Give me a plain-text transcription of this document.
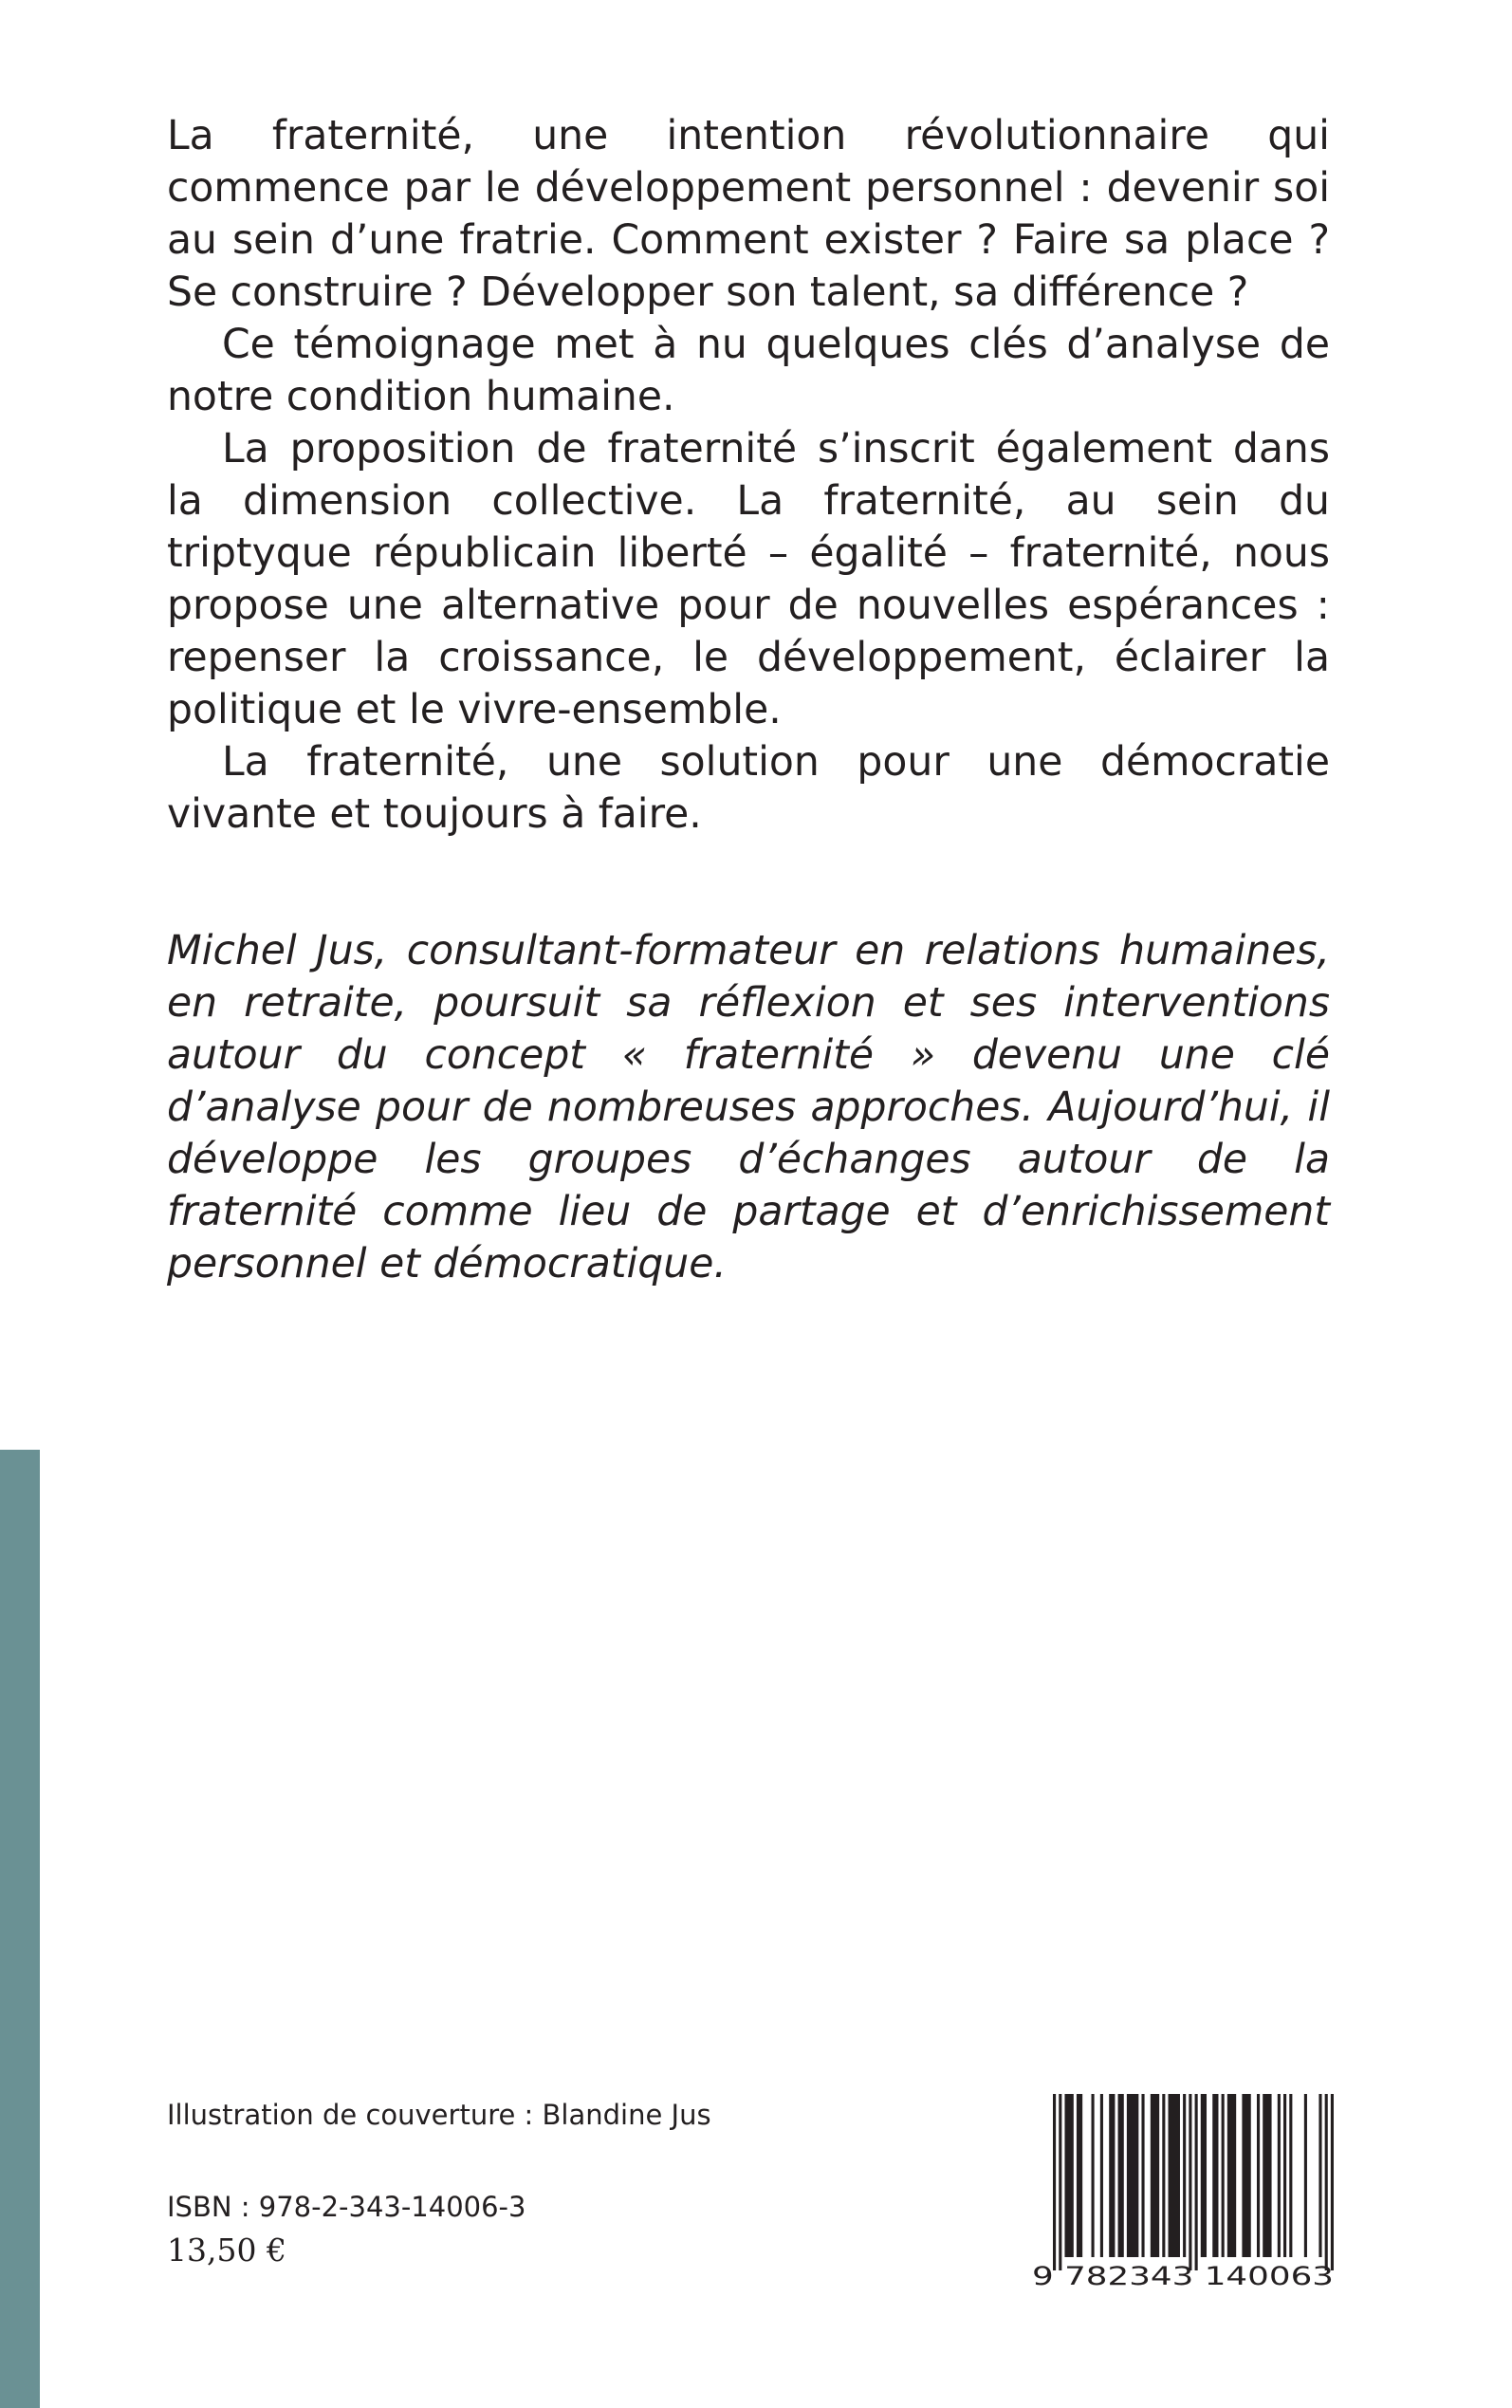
La fraternité, une intention révolutionnaire qui commence par le développement personnel : devenir soi au sein d’une fratrie. Comment exister ? Faire sa place ? Se construire ? Développer son talent, sa différence ?

Ce témoignage met à nu quelques clés d’analyse de notre condition humaine.

La proposition de fraternité s’inscrit également dans la dimension collective. La fraternité, au sein du triptyque républicain liberté – égalité – fraternité, nous propose une alternative pour de nouvelles espérances : repenser la croissance, le développement, éclairer la politique et le vivre-ensemble.

La fraternité, une solution pour une démocratie vivante et toujours à faire.

Michel Jus, consultant-formateur en relations humaines, en retraite, poursuit sa réflexion et ses interventions autour du concept « fraternité » devenu une clé d’analyse pour de nombreuses approches. Aujourd’hui, il développe les groupes d’échanges autour de la fraternité comme lieu de partage et d’enrichissement personnel et démocratique.

Illustration de couverture : Blandine Jus
ISBN : 978-2-343-14006-3
13,50 €
9 782343 140063
